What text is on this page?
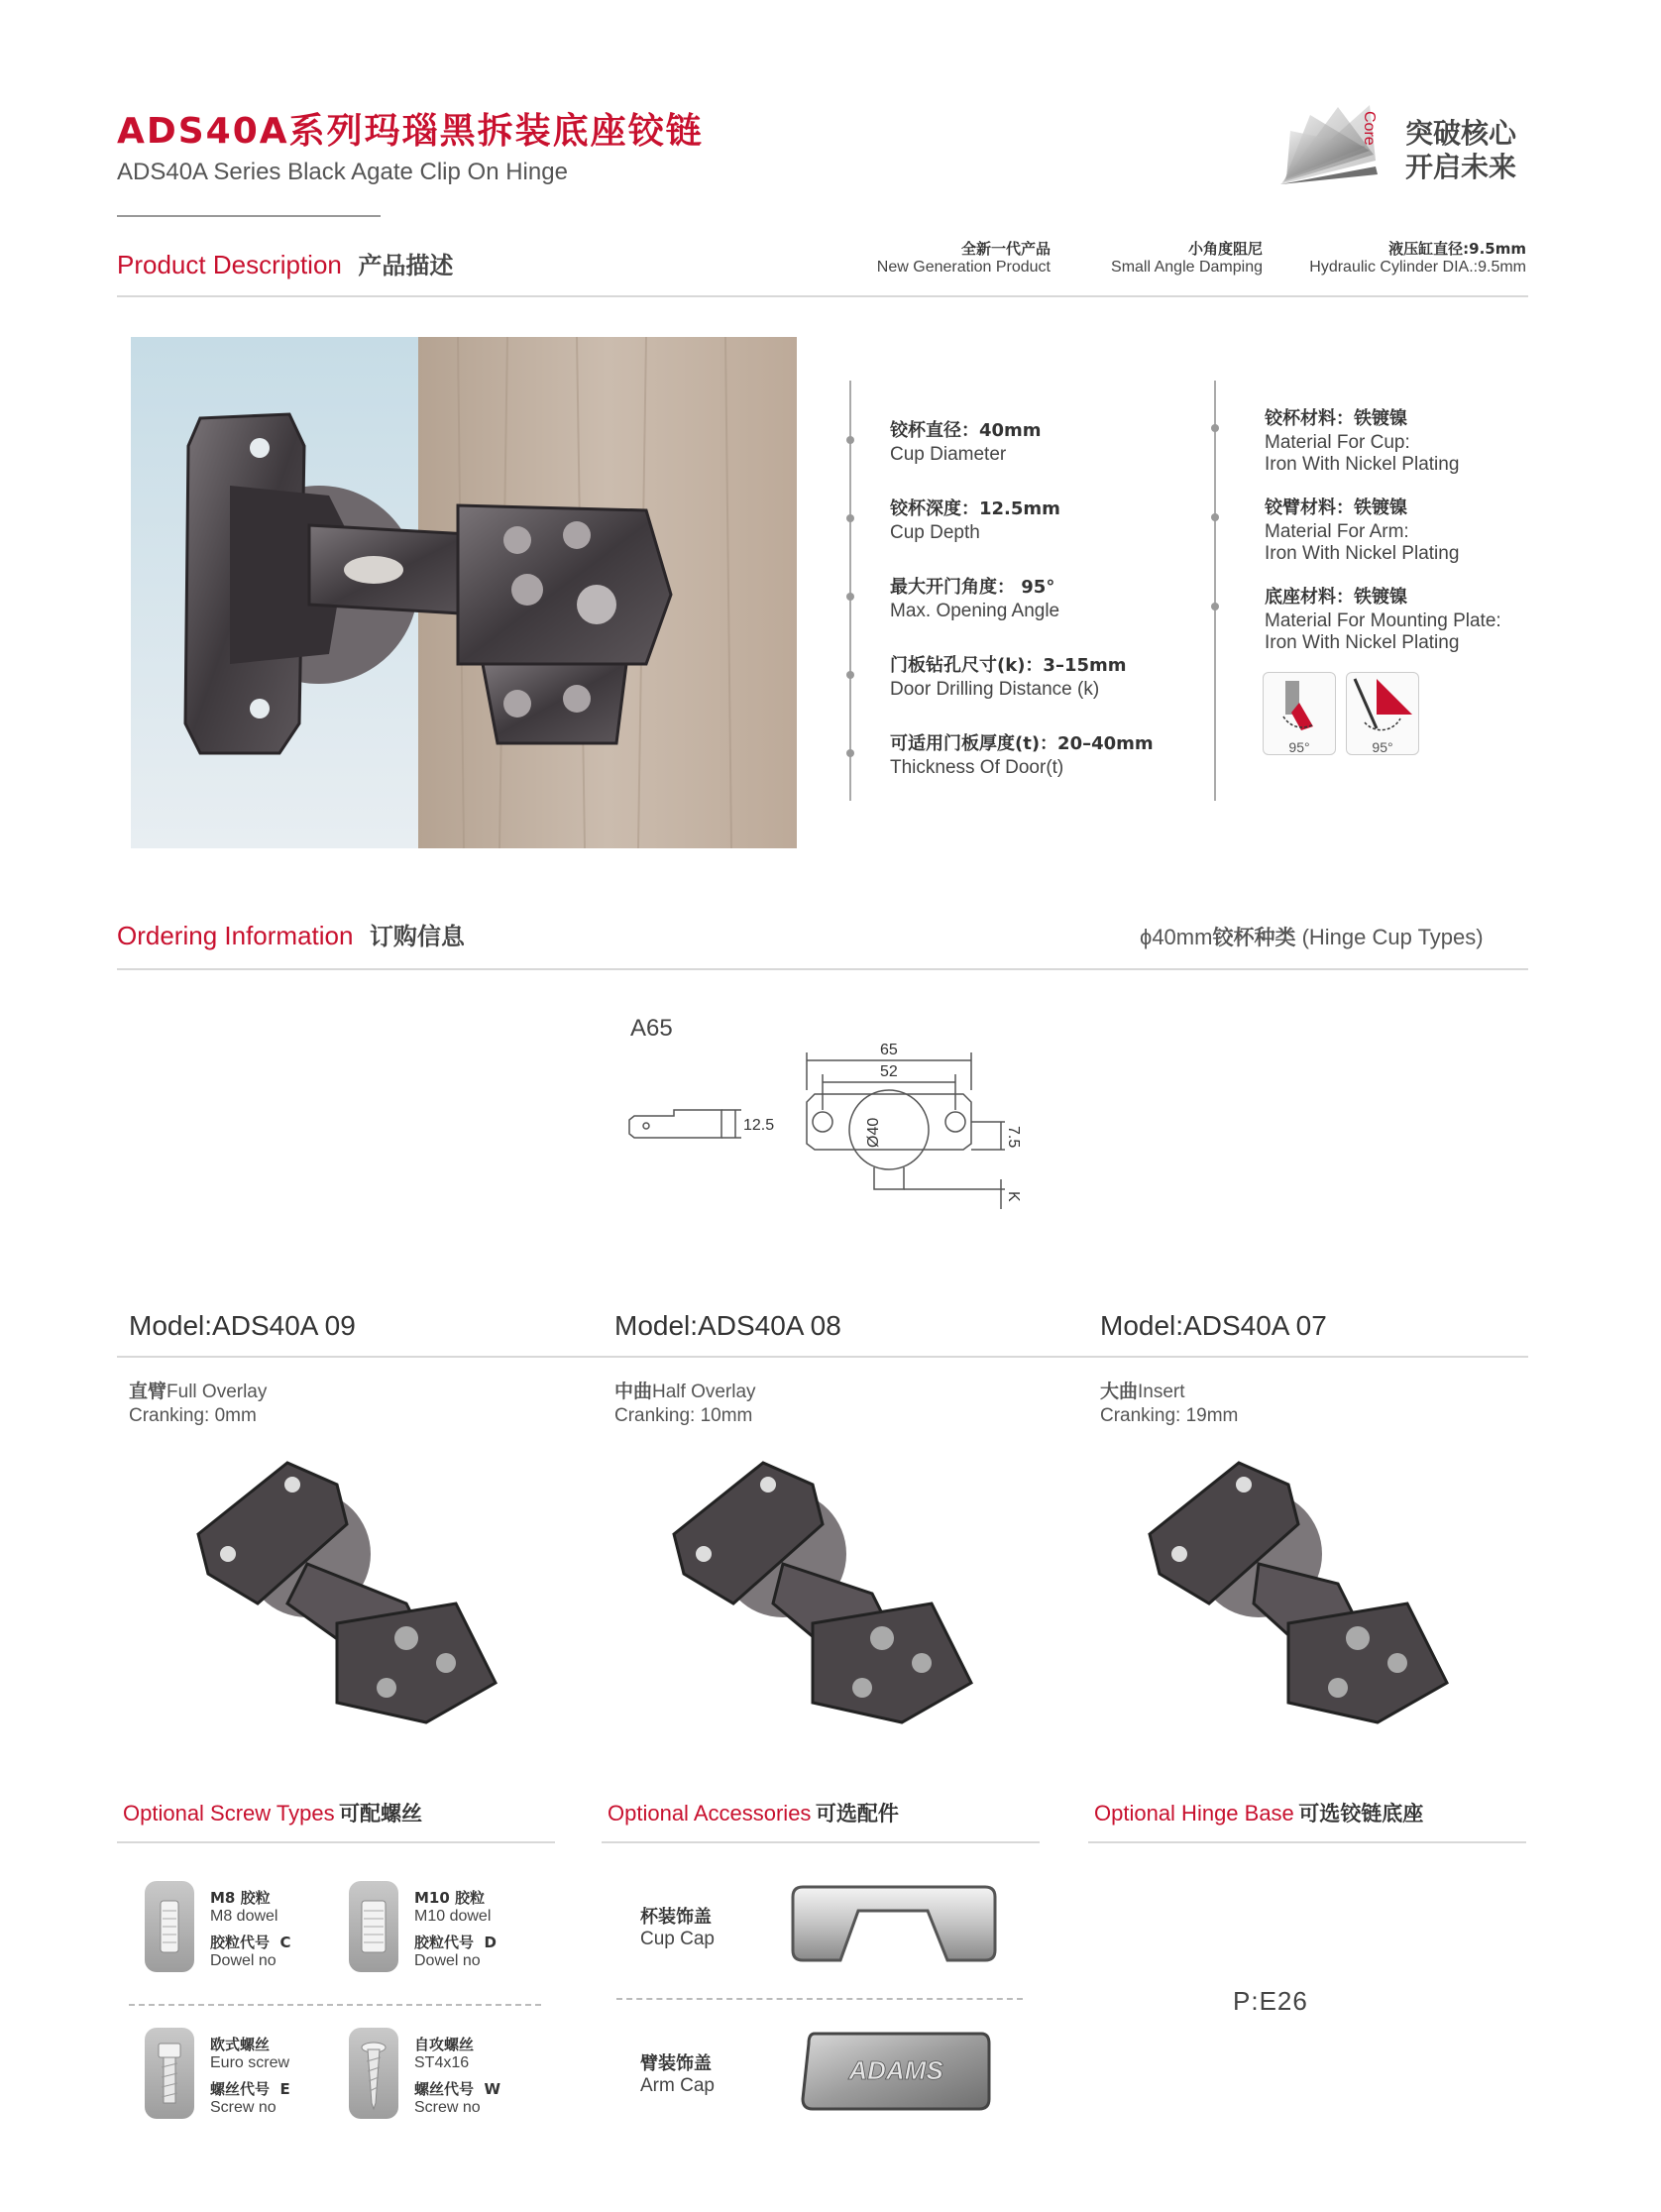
ADS40A系列玛瑙黑拆装底座铰链
ADS40A Series Black Agate Clip On Hinge
Core 突破核心
开启未来
Product Description 产品描述
全新一代产品
New Generation Product
小角度阻尼
Small Angle Damping
液压缸直径:9.5mm
Hydraulic Cylinder DIA.:9.5mm
铰杯直径：40mm
Cup Diameter
铰杯深度：12.5mm
Cup Depth
最大开门角度： 95°
Max. Opening Angle
门板钻孔尺寸(k)：3–15mm
Door Drilling Distance (k)
可适用门板厚度(t)：20–40mm
Thickness Of Door(t)
铰杯材料：铁镀镍
Material For Cup:
Iron With Nickel Plating
铰臂材料：铁镀镍
Material For Arm:
Iron With Nickel Plating
底座材料：铁镀镍
Material For Mounting Plate:
Iron With Nickel Plating
95°	95°
Ordering Information 订购信息	ϕ40mm铰杯种类 (Hinge Cup Types)
A65
65
52
12.5	Ø40	7.5
K
Model:ADS40A 09	Model:ADS40A 08	Model:ADS40A 07
直臂Full Overlay
Cranking: 0mm
中曲Half Overlay
Cranking: 10mm
大曲Insert
Cranking: 19mm
Optional Screw Types 可配螺丝	Optional Accessories 可选配件	Optional Hinge Base 可选铰链底座
M8 胶粒
M8 dowel
胶粒代号 C
Dowel no
M10 胶粒
M10 dowel
胶粒代号 D
Dowel no
欧式螺丝
Euro screw
螺丝代号 E
Screw no
自攻螺丝
ST4x16
螺丝代号 W
Screw no
杯装饰盖
Cup Cap
臂装饰盖
Arm Cap
ADAMS
P:E26
